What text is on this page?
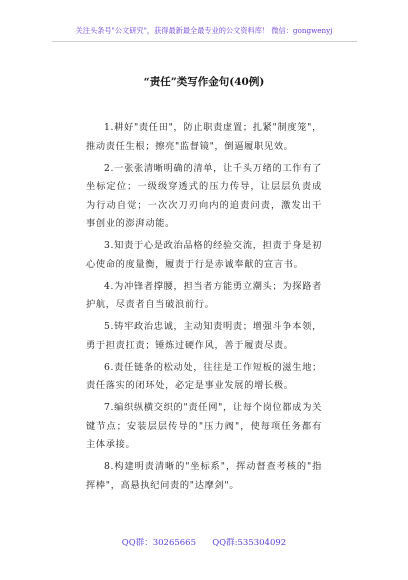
关注头条号"公文研究"，获得最新最全最专业的公文资料库！ 微信：gongwenyj
“责任”类写作金句(40例)

1.耕好"责任田"，防止职责虚置；扎紧"制度笼"，推动责任生根；擦亮"监督镜"，倒逼履职见效。

2.一张张清晰明确的清单，让千头万绪的工作有了坐标定位；一级级穿透式的压力传导，让层层负责成为行动自觉；一次次刀刃向内的追责问责，激发出干事创业的澎湃动能。

3.知责于心是政治品格的经验交流，担责于身是初心使命的度量衡，履责于行是赤诚奉献的宣言书。

4.为冲锋者撑腰，担当者方能勇立潮头；为探路者护航，尽责者自当破浪前行。

5.铸牢政治忠诚，主动知责明责；增强斗争本领，勇于担责扛责；锤炼过硬作风，善于履责尽责。

6.责任链条的松动处，往往是工作短板的滋生地；责任落实的闭环处，必定是事业发展的增长极。

7.编织纵横交织的"责任网"，让每个岗位都成为关键节点；安装层层传导的"压力阀"，使每项任务都有主体承接。

8.构建明责清晰的"坐标系"，挥动督查考核的"指挥棒"，高悬执纪问责的"达摩剑"。

QQ群：30265665      QQ群:535304092
